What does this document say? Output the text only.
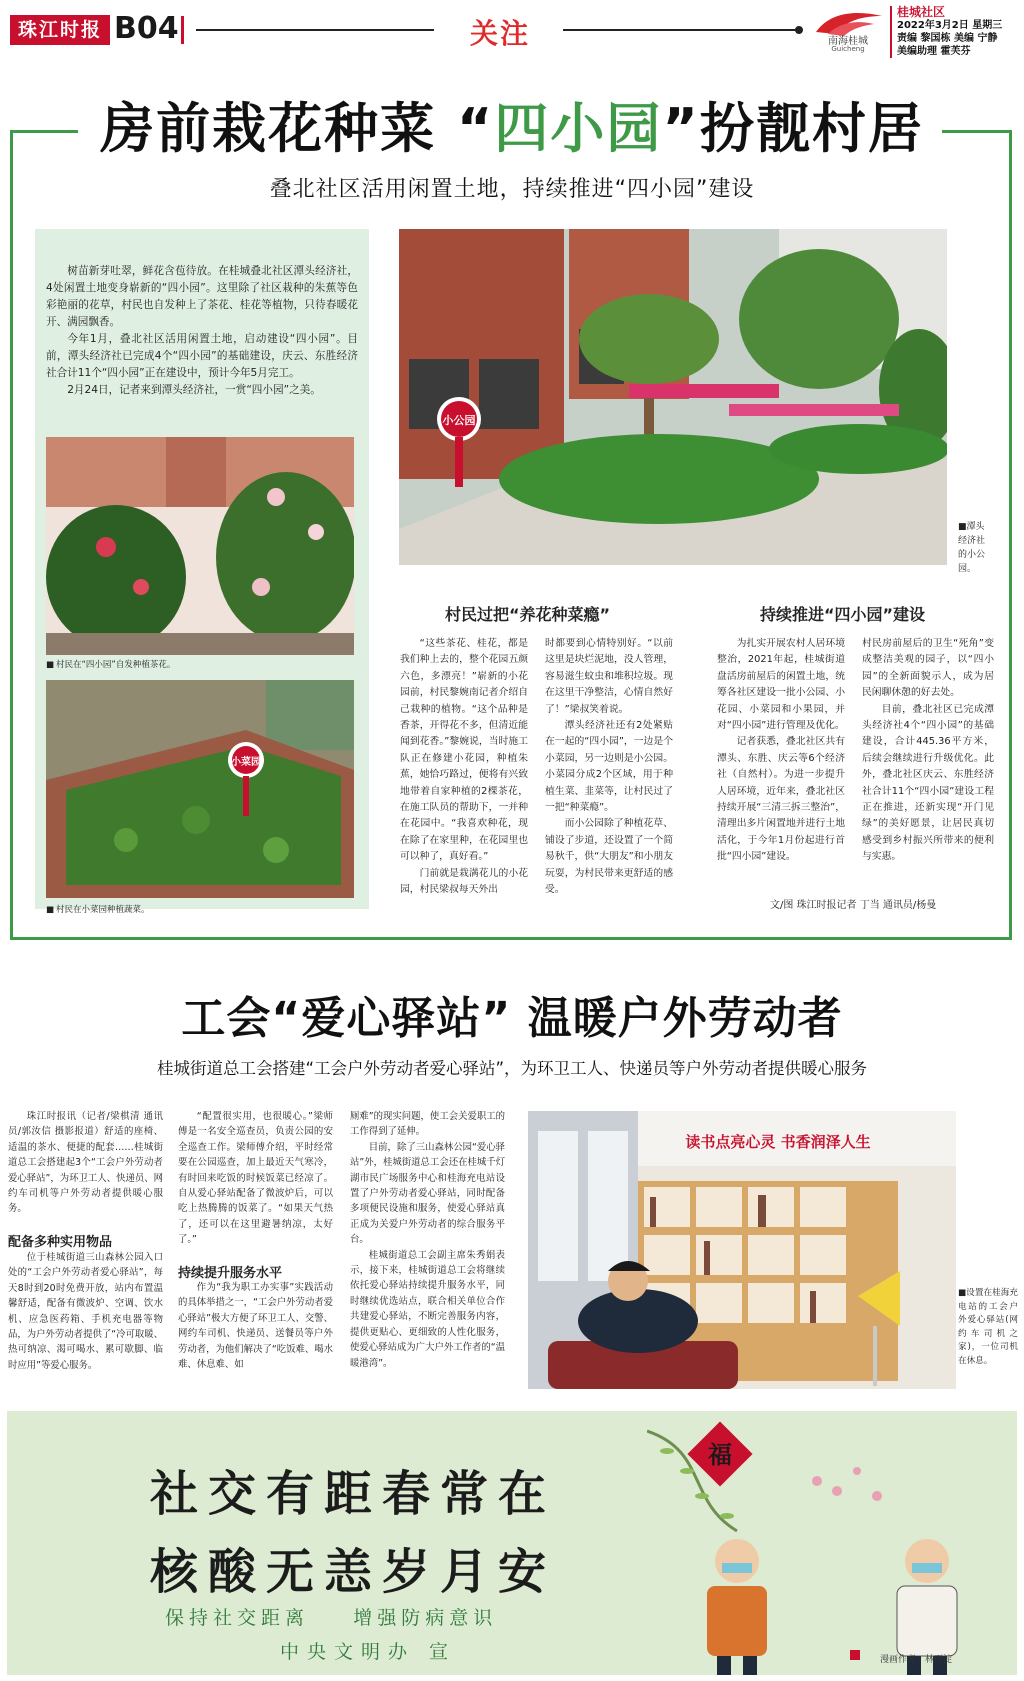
珠江时报 B04	关注	南海桂城
Guicheng
桂城社区
2022年3月2日 星期三
责编 黎国栋 美编 宁静
美编助理 霍芙芬
房前栽花种菜 “四小园”扮靓村居
叠北社区活用闲置土地，持续推进“四小园”建设

树苗新芽吐翠，鲜花含苞待放。在桂城叠北社区潭头经济社，4处闲置土地变身崭新的“四小园”。这里除了社区栽种的朱蕉等色彩艳丽的花草，村民也自发种上了茶花、桂花等植物，只待春暖花开、满园飘香。

今年1月，叠北社区活用闲置土地，启动建设“四小园”。目前，潭头经济社已完成4个“四小园”的基础建设，庆云、东胜经济社合计11个“四小园”正在建设中，预计今年5月完工。

2月24日，记者来到潭头经济社，一赏“四小园”之美。

■ 村民在“四小园”自发种植茶花。
小菜园
■ 村民在小菜园种植蔬菜。
小公园
■潭头经济社的小公园。
村民过把“养花种菜瘾”	持续推进“四小园”建设

“这些茶花、桂花，都是我们种上去的，整个花园五颜六色，多漂亮！”崭新的小花园前，村民黎婉南记者介绍自己栽种的植物。“这个品种是香茶，开得花不多，但清近能闻到花香。”黎婉说，当时施工队正在修建小花园，种植朱蕉，她恰巧路过，便将有兴致地带着自家种植的2棵茶花，在施工队员的帮助下，一并种在花园中。“我喜欢种花，现在除了在家里种，在花园里也可以种了，真好看。”

门前就是栽满花儿的小花园，村民梁叔每天外出

时都要到心情特别好。“以前这里是块烂泥地，没人管理，容易滋生蚊虫和堆积垃圾。现在这里干净整洁，心情自然好了！”梁叔笑着说。

潭头经济社还有2处紧贴在一起的“四小园”，一边是个小菜园，另一边则是小公园。小菜园分成2个区域，用于种植生菜、韭菜等，让村民过了一把“种菜瘾”。

而小公园除了种植花草、铺设了步道，还设置了一个简易秋千，供“大朋友”和小朋友玩耍，为村民带来更舒适的感受。

为扎实开展农村人居环境整治，2021年起，桂城街道盘活房前屋后的闲置土地，统筹各社区建设一批小公园、小花园、小菜园和小果园，并对“四小园”进行管理及优化。

记者获悉，叠北社区共有潭头、东胜、庆云等6个经济社（自然村）。为进一步提升人居环境，近年来，叠北社区持续开展“三清三拆三整治”，清理出多片闲置地并进行土地活化，于今年1月份起进行首批“四小园”建设。

村民房前屋后的卫生“死角”变成整洁美观的园子，以“四小园”的全新面貌示人，成为居民闲聊休憩的好去处。

目前，叠北社区已完成潭头经济社4个“四小园”的基础建设，合计445.36平方米，后续会继续进行升级优化。此外，叠北社区庆云、东胜经济社合计11个“四小园”建设工程正在推进，还新实现“开门见绿”的美好愿景，让居民真切感受到乡村振兴所带来的便利与实惠。

文/图 珠江时报记者 丁当 通讯员/杨曼
工会“爱心驿站” 温暖户外劳动者
桂城街道总工会搭建“工会户外劳动者爱心驿站”，为环卫工人、快递员等户外劳动者提供暖心服务

珠江时报讯（记者/梁棋清 通讯员/郭汝信 摄影报道）舒适的座椅、适温的茶水、便捷的配套……桂城街道总工会搭建起3个“工会户外劳动者爱心驿站”，为环卫工人、快递员、网约车司机等户外劳动者提供暖心服务。

配备多种实用物品

位于桂城街道三山森林公园入口处的“工会户外劳动者爱心驿站”，每天8时到20时免费开放，站内布置温馨舒适，配备有微波炉、空调、饮水机、应急医药箱、手机充电器等物品，为户外劳动者提供了“冷可取暖、热可纳凉、渴可喝水、累可歇脚、临时应用”等爱心服务。

“配置很实用，也很暖心。”梁师傅是一名安全巡查员，负责公园的安全巡查工作。梁师傅介绍，平时经常要在公园巡查，加上最近天气寒冷，有时回来吃饭的时候饭菜已经凉了。自从爱心驿站配备了微波炉后，可以吃上热腾腾的饭菜了。“如果天气热了，还可以在这里避暑纳凉，太好了。”

持续提升服务水平

作为“我为职工办实事”实践活动的具体举措之一，“工会户外劳动者爱心驿站”极大方便了环卫工人、交警、网约车司机、快递员、送餐员等户外劳动者，为他们解决了“吃饭难、喝水难、休息难、如

厕难”的现实问题，使工会关爱职工的工作得到了延伸。

目前，除了三山森林公园“爱心驿站”外，桂城街道总工会还在桂城千灯湖市民广场服务中心和桂海充电站设置了户外劳动者爱心驿站，同时配备多项便民设施和服务，使爱心驿站真正成为关爱户外劳动者的综合服务平台。

桂城街道总工会副主席朱秀娟表示，接下来，桂城街道总工会将继续依托爱心驿站持续提升服务水平，同时继续优选站点，联合相关单位合作共建爱心驿站，不断完善服务内容，提供更贴心、更细致的人性化服务，使爱心驿站成为广大户外工作者的“温暖港湾”。

读书点亮心灵 书香润泽人生
■设置在桂海充电站的工会户外爱心驿站(网约车司机之家)，一位司机在休息。
福
社交有距春常在
核酸无恙岁月安
保持社交距离 增强防病意识
中央文明办 宣	漫画作者：林雨淀
